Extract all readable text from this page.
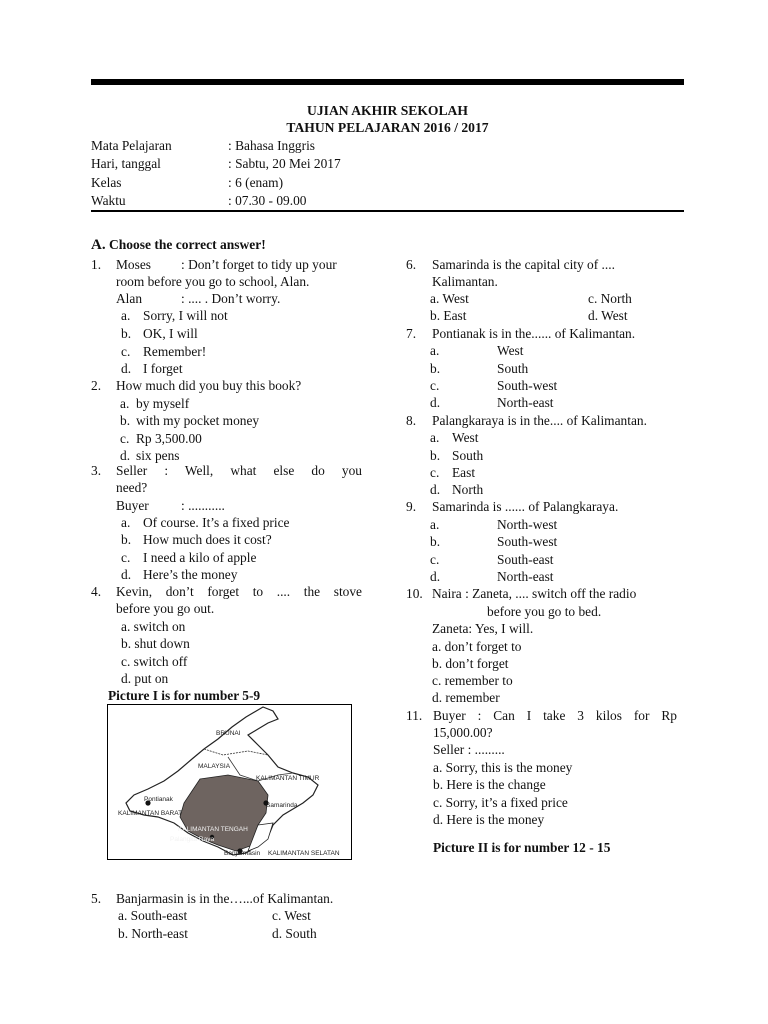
UJIAN AKHIR SEKOLAH
TAHUN PELAJARAN 2016 / 2017
Mata Pelajaran	: Bahasa Inggris
Hari, tanggal	: Sabtu, 20 Mei 2017
Kelas	: 6 (enam)
Waktu	: 07.30 - 09.00
A. Choose the correct answer!
1. Moses : Don’t forget to tidy up your
room before you go to school, Alan.
Alan	: .... . Don’t worry.
a. Sorry, I will not
b. OK, I will
c. Remember!
d. I forget
2. How much did you buy this book?
a. by myself
b. with my pocket money
c. Rp 3,500.00
d. six pens
3. Seller : Well, what else do you
need?
Buyer : ...........
a. Of course. It’s a fixed price
b. How much does it cost?
c. I need a kilo of apple
d. Here’s the money
4. Kevin, don’t forget to .... the stove
before you go out.
a. switch on
b. shut down
c. switch off
d. put on
Picture I is for number 5-9
BRUNAI
MALAYSIA
KALIMANTAN TIMUR
Pontianak
KALIMANTAN BARAT
Samarinda
KALIMANTAN TENGAH
Palangka Raya
Banjarmasin KALIMANTAN SELATAN
5. Banjarmasin is in the…...of Kalimantan.
a. South-east	c. West
b. North-east	d. South
6. Samarinda is the capital city of ....
Kalimantan.
a. West	c. North
b. East	d. West
7. Pontianak is in the...... of Kalimantan.
a.	West
b.	South
c.	South-west
d.	North-east
8. Palangkaraya is in the.... of Kalimantan.
a. West
b. South
c. East
d. North
9. Samarinda is ...... of Palangkaraya.
a.	North-west
b.	South-west
c.	South-east
d.	North-east
10. Naira : Zaneta, .... switch off the radio
before you go to bed.
Zaneta: Yes, I will.
a. don’t forget to
b. don’t forget
c. remember to
d. remember
11. Buyer : Can I take 3 kilos for Rp
15,000.00?
Seller : .........
a. Sorry, this is the money
b. Here is the change
c. Sorry, it’s a fixed price
d. Here is the money
Picture II is for number 12 - 15
